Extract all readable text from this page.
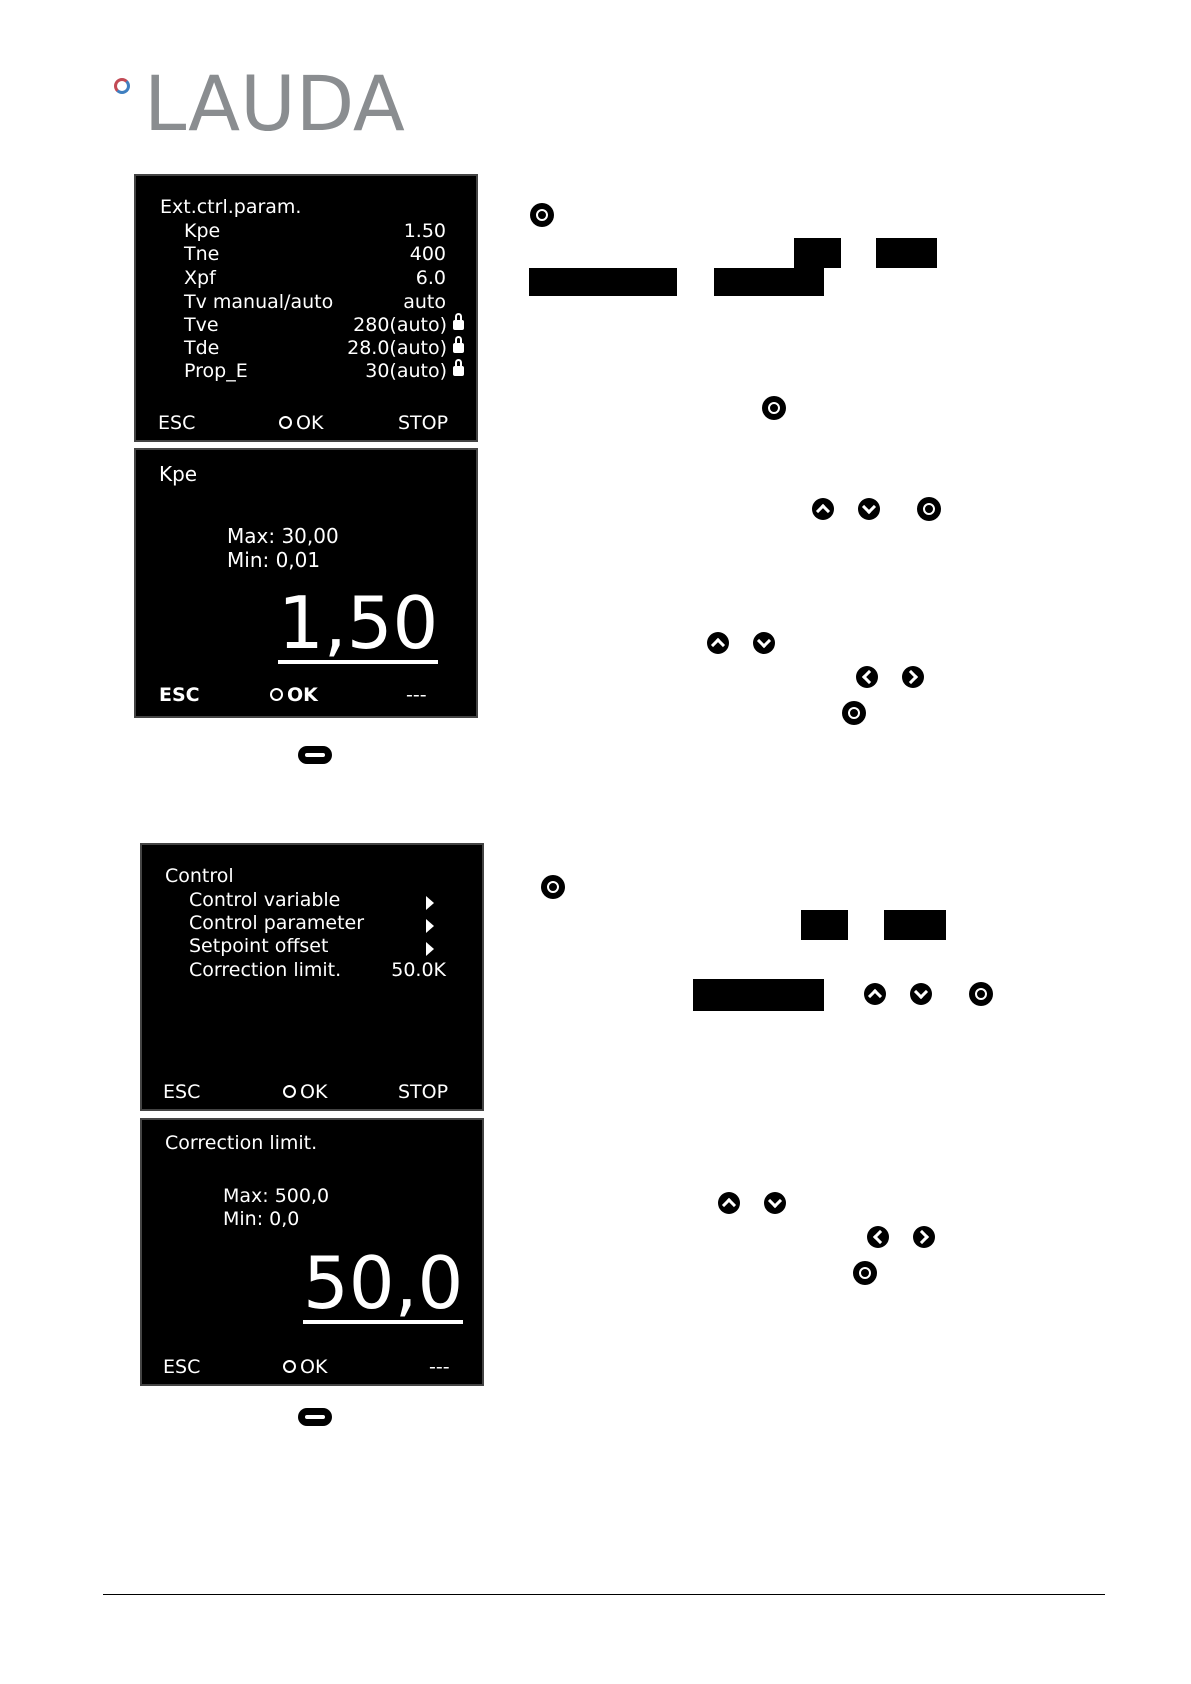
LAUDA
Ext.ctrl.param.
Kpe	1.50
Tne	400
Xpf	6.0
Tv manual/auto	auto
Tve	280(auto)
Tde	28.0(auto)
Prop_E	30(auto)
ESC	OK	STOP
Kpe
Max: 30,00
Min: 0,01
1,50
ESC	OK	---
Control
Control variable
Control parameter
Setpoint offset
Correction limit.	50.0K
ESC	OK	STOP
Correction limit.
Max: 500,0
Min: 0,0
50,0
ESC	OK	---
